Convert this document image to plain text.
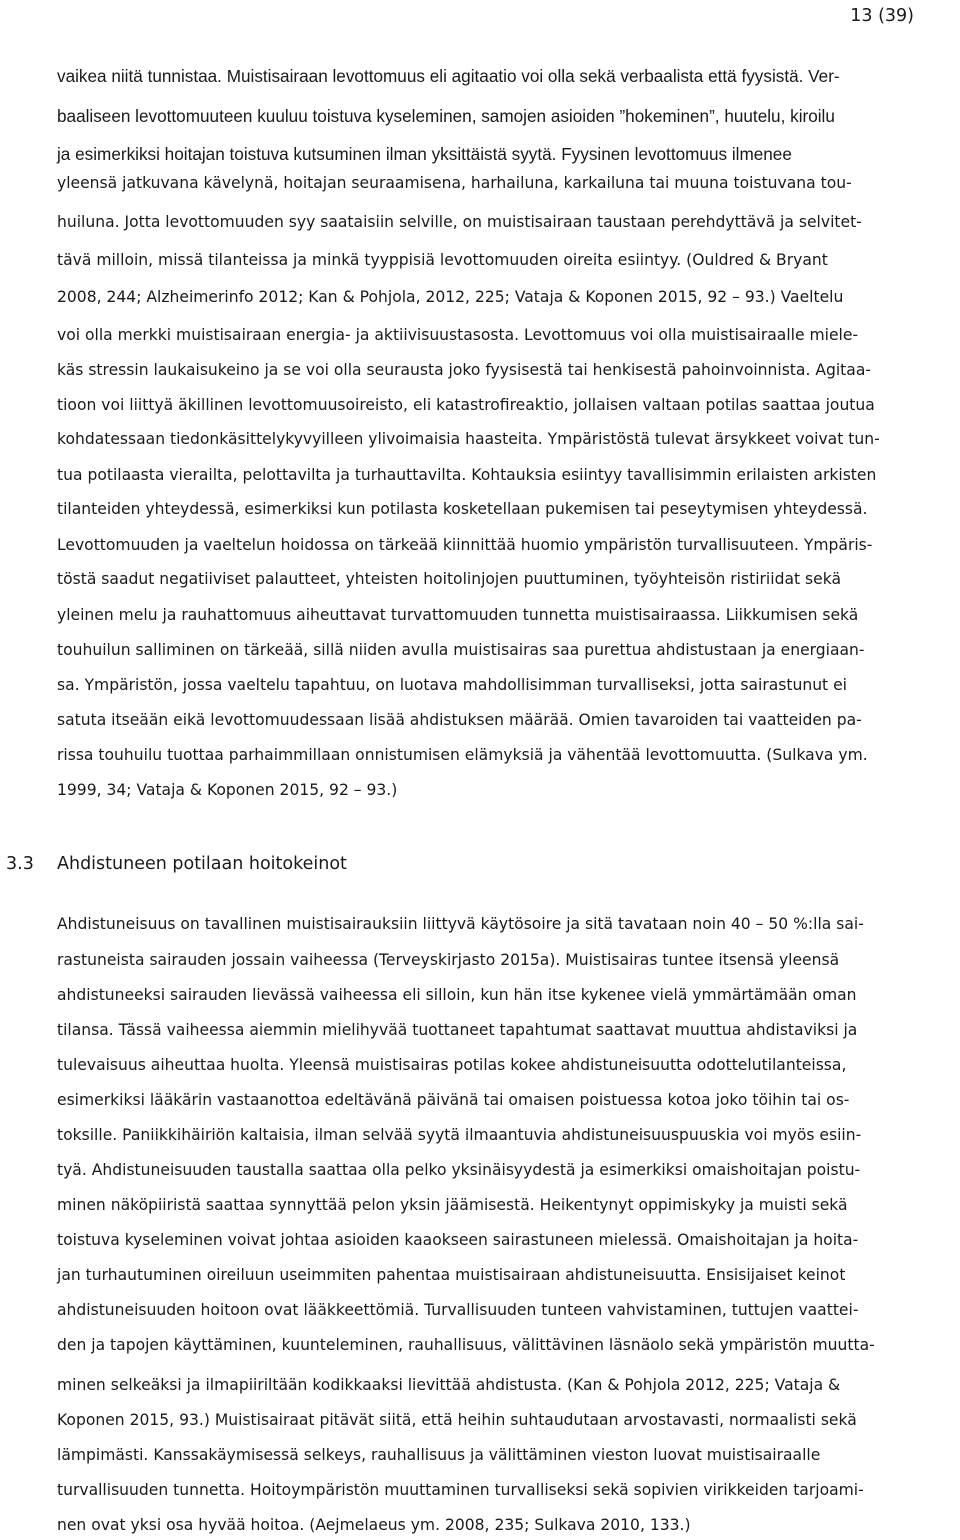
13 (39)
vaikea niitä tunnistaa. Muistisairaan levottomuus eli agitaatio voi olla sekä verbaalista että fyysistä. Ver-
baaliseen levottomuuteen kuuluu toistuva kyseleminen, samojen asioiden ”hokeminen”, huutelu, kiroilu
ja esimerkiksi hoitajan toistuva kutsuminen ilman yksittäistä syytä. Fyysinen levottomuus ilmenee
yleensä jatkuvana kävelynä, hoitajan seuraamisena, harhailuna, karkailuna tai muuna toistuvana tou-
huiluna. Jotta levottomuuden syy saataisiin selville, on muistisairaan taustaan perehdyttävä ja selvitet-
tävä milloin, missä tilanteissa ja minkä tyyppisiä levottomuuden oireita esiintyy. (Ouldred & Bryant
2008, 244; Alzheimerinfo 2012; Kan & Pohjola, 2012, 225; Vataja & Koponen 2015, 92 – 93.) Vaeltelu
voi olla merkki muistisairaan energia- ja aktiivisuustasosta. Levottomuus voi olla muistisairaalle miele-
käs stressin laukaisukeino ja se voi olla seurausta joko fyysisestä tai henkisestä pahoinvoinnista. Agitaa-
tioon voi liittyä äkillinen levottomuusoireisto, eli katastrofireaktio, jollaisen valtaan potilas saattaa joutua
kohdatessaan tiedonkäsittelykyvyilleen ylivoimaisia haasteita. Ympäristöstä tulevat ärsykkeet voivat tun-
tua potilaasta vierailta, pelottavilta ja turhauttavilta. Kohtauksia esiintyy tavallisimmin erilaisten arkisten
tilanteiden yhteydessä, esimerkiksi kun potilasta kosketellaan pukemisen tai peseytymisen yhteydessä.
Levottomuuden ja vaeltelun hoidossa on tärkeää kiinnittää huomio ympäristön turvallisuuteen. Ympäris-
töstä saadut negatiiviset palautteet, yhteisten hoitolinjojen puuttuminen, työyhteisön ristiriidat sekä
yleinen melu ja rauhattomuus aiheuttavat turvattomuuden tunnetta muistisairaassa. Liikkumisen sekä
touhuilun salliminen on tärkeää, sillä niiden avulla muistisairas saa purettua ahdistustaan ja energiaan-
sa. Ympäristön, jossa vaeltelu tapahtuu, on luotava mahdollisimman turvalliseksi, jotta sairastunut ei
satuta itseään eikä levottomuudessaan lisää ahdistuksen määrää. Omien tavaroiden tai vaatteiden pa-
rissa touhuilu tuottaa parhaimmillaan onnistumisen elämyksiä ja vähentää levottomuutta. (Sulkava ym.
1999, 34; Vataja & Koponen 2015, 92 – 93.)
3.3 Ahdistuneen potilaan hoitokeinot
Ahdistuneisuus on tavallinen muistisairauksiin liittyvä käytösoire ja sitä tavataan noin 40 – 50 %:lla sai-
rastuneista sairauden jossain vaiheessa (Terveyskirjasto 2015a). Muistisairas tuntee itsensä yleensä
ahdistuneeksi sairauden lievässä vaiheessa eli silloin, kun hän itse kykenee vielä ymmärtämään oman
tilansa. Tässä vaiheessa aiemmin mielihyvää tuottaneet tapahtumat saattavat muuttua ahdistaviksi ja
tulevaisuus aiheuttaa huolta. Yleensä muistisairas potilas kokee ahdistuneisuutta odottelutilanteissa,
esimerkiksi lääkärin vastaanottoa edeltävänä päivänä tai omaisen poistuessa kotoa joko töihin tai os-
toksille. Paniikkihäiriön kaltaisia, ilman selvää syytä ilmaantuvia ahdistuneisuuspuuskia voi myös esiin-
tyä. Ahdistuneisuuden taustalla saattaa olla pelko yksinäisyydestä ja esimerkiksi omaishoitajan poistu-
minen näköpiiristä saattaa synnyttää pelon yksin jäämisestä. Heikentynyt oppimiskyky ja muisti sekä
toistuva kyseleminen voivat johtaa asioiden kaaokseen sairastuneen mielessä. Omaishoitajan ja hoita-
jan turhautuminen oireiluun useimmiten pahentaa muistisairaan ahdistuneisuutta. Ensisijaiset keinot
ahdistuneisuuden hoitoon ovat lääkkeettömiä. Turvallisuuden tunteen vahvistaminen, tuttujen vaattei-
den ja tapojen käyttäminen, kuunteleminen, rauhallisuus, välittävinen läsnäolo sekä ympäristön muutta-
minen selkeäksi ja ilmapiiriltään kodikkaaksi lievittää ahdistusta. (Kan & Pohjola 2012, 225; Vataja &
Koponen 2015, 93.) Muistisairaat pitävät siitä, että heihin suhtaudutaan arvostavasti, normaalisti sekä
lämpimästi. Kanssakäymisessä selkeys, rauhallisuus ja välittäminen vieston luovat muistisairaalle
turvallisuuden tunnetta. Hoitoympäristön muuttaminen turvalliseksi sekä sopivien virikkeiden tarjoami-
nen ovat yksi osa hyvää hoitoa. (Aejmelaeus ym. 2008, 235; Sulkava 2010, 133.)
